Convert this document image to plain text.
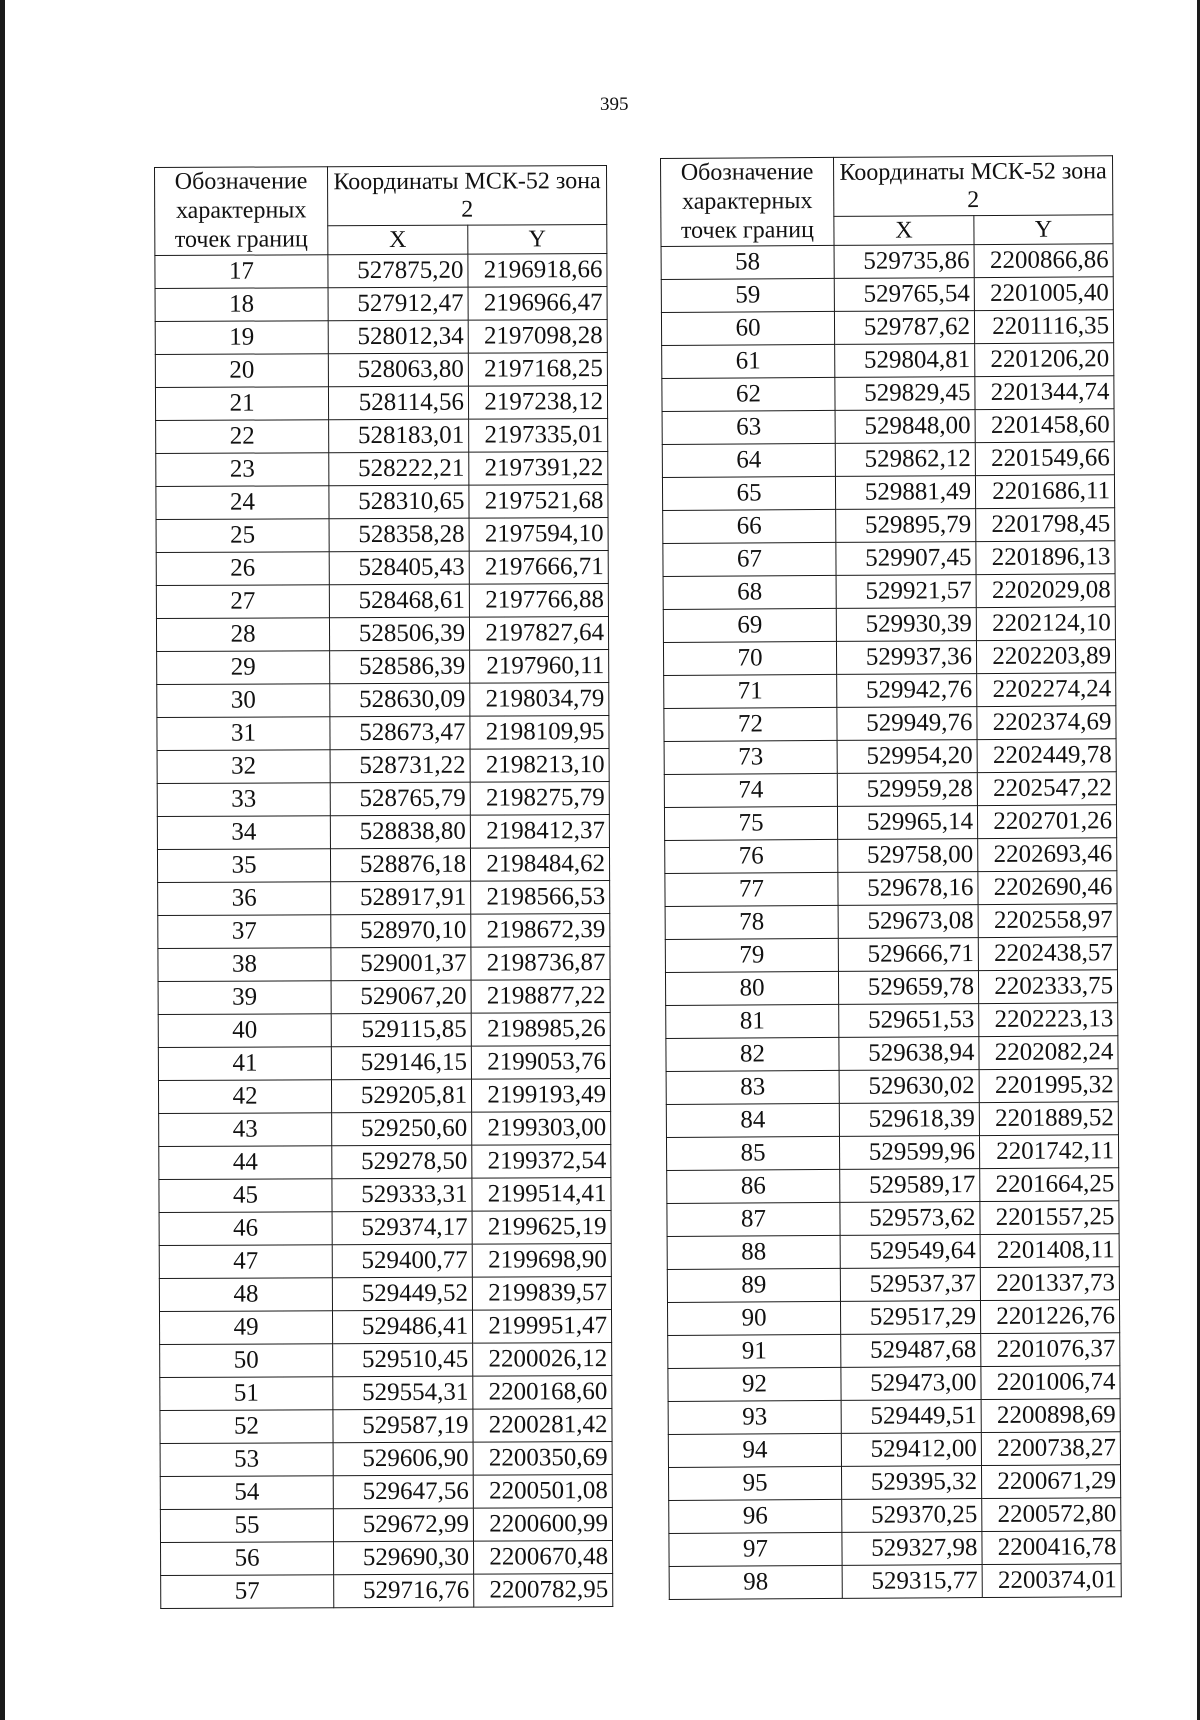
395
Обозначение характерных точек границ	Координаты МСК-52 зона 2	
	X	Y
17	527875,20	2196918,66
18	527912,47	2196966,47
19	528012,34	2197098,28
20	528063,80	2197168,25
21	528114,56	2197238,12
22	528183,01	2197335,01
23	528222,21	2197391,22
24	528310,65	2197521,68
25	528358,28	2197594,10
26	528405,43	2197666,71
27	528468,61	2197766,88
28	528506,39	2197827,64
29	528586,39	2197960,11
30	528630,09	2198034,79
31	528673,47	2198109,95
32	528731,22	2198213,10
33	528765,79	2198275,79
34	528838,80	2198412,37
35	528876,18	2198484,62
36	528917,91	2198566,53
37	528970,10	2198672,39
38	529001,37	2198736,87
39	529067,20	2198877,22
40	529115,85	2198985,26
41	529146,15	2199053,76
42	529205,81	2199193,49
43	529250,60	2199303,00
44	529278,50	2199372,54
45	529333,31	2199514,41
46	529374,17	2199625,19
47	529400,77	2199698,90
48	529449,52	2199839,57
49	529486,41	2199951,47
50	529510,45	2200026,12
51	529554,31	2200168,60
52	529587,19	2200281,42
53	529606,90	2200350,69
54	529647,56	2200501,08
55	529672,99	2200600,99
56	529690,30	2200670,48
57	529716,76	2200782,95
Обозначение характерных точек границ	Координаты МСК-52 зона 2	
	X	Y
58	529735,86	2200866,86
59	529765,54	2201005,40
60	529787,62	2201116,35
61	529804,81	2201206,20
62	529829,45	2201344,74
63	529848,00	2201458,60
64	529862,12	2201549,66
65	529881,49	2201686,11
66	529895,79	2201798,45
67	529907,45	2201896,13
68	529921,57	2202029,08
69	529930,39	2202124,10
70	529937,36	2202203,89
71	529942,76	2202274,24
72	529949,76	2202374,69
73	529954,20	2202449,78
74	529959,28	2202547,22
75	529965,14	2202701,26
76	529758,00	2202693,46
77	529678,16	2202690,46
78	529673,08	2202558,97
79	529666,71	2202438,57
80	529659,78	2202333,75
81	529651,53	2202223,13
82	529638,94	2202082,24
83	529630,02	2201995,32
84	529618,39	2201889,52
85	529599,96	2201742,11
86	529589,17	2201664,25
87	529573,62	2201557,25
88	529549,64	2201408,11
89	529537,37	2201337,73
90	529517,29	2201226,76
91	529487,68	2201076,37
92	529473,00	2201006,74
93	529449,51	2200898,69
94	529412,00	2200738,27
95	529395,32	2200671,29
96	529370,25	2200572,80
97	529327,98	2200416,78
98	529315,77	2200374,01
